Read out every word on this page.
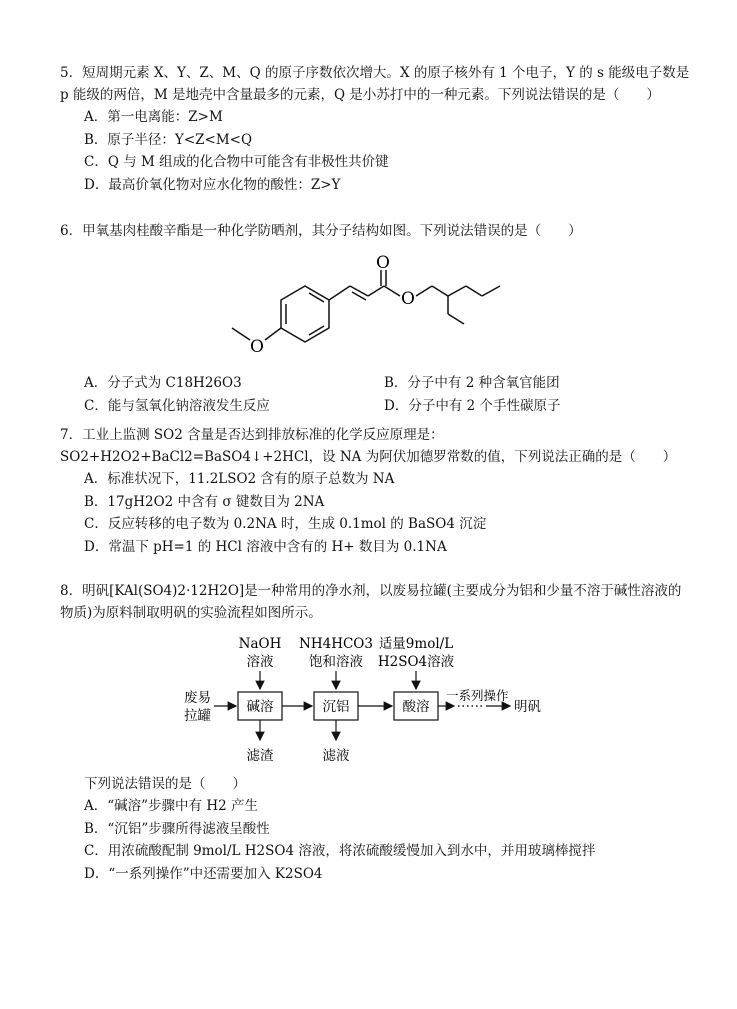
5．短周期元素 X、Y、Z、M、Q 的原子序数依次增大。X 的原子核外有 1 个电子，Y 的 s 能级电子数是 p 能级的两倍，M 是地壳中含量最多的元素，Q 是小苏打中的一种元素。下列说法错误的是（　　）
A．第一电离能：Z>M
B．原子半径：Y<Z<M<Q
C．Q 与 M 组成的化合物中可能含有非极性共价键
D．最高价氧化物对应水化物的酸性：Z>Y
6．甲氧基肉桂酸辛酯是一种化学防晒剂，其分子结构如图。下列说法错误的是（　　）
O
O
O
A．分子式为 C18H26O3	B．分子中有 2 种含氧官能团
C．能与氢氧化钠溶液发生反应	D．分子中有 2 个手性碳原子
7．工业上监测 SO2 含量是否达到排放标准的化学反应原理是：SO2+H2O2+BaCl2=BaSO4↓+2HCl，设 NA 为阿伏加德罗常数的值，下列说法正确的是（　　）
A．标准状况下，11.2LSO2 含有的原子总数为 NA
B．17gH2O2 中含有 σ 键数目为 2NA
C．反应转移的电子数为 0.2NA 时，生成 0.1mol 的 BaSO4 沉淀
D．常温下 pH=1 的 HCl 溶液中含有的 H+ 数目为 0.1NA
8．明矾[KAl(SO4)2·12H2O]是一种常用的净水剂，以废易拉罐(主要成分为铝和少量不溶于碱性溶液的物质)为原料制取明矾的实验流程如图所示。
NaOH
溶液
NH4HCO3
饱和溶液
适量9mol/L
H2SO4溶液
废易
拉罐
碱溶	沉铝	酸溶
一系列操作
明矾
滤渣	滤液
下列说法错误的是（　　）
A．“碱溶”步骤中有 H2 产生
B．“沉铝”步骤所得滤液呈酸性
C．用浓硫酸配制 9mol/L H2SO4 溶液，将浓硫酸缓慢加入到水中，并用玻璃棒搅拌
D．“一系列操作”中还需要加入 K2SO4
